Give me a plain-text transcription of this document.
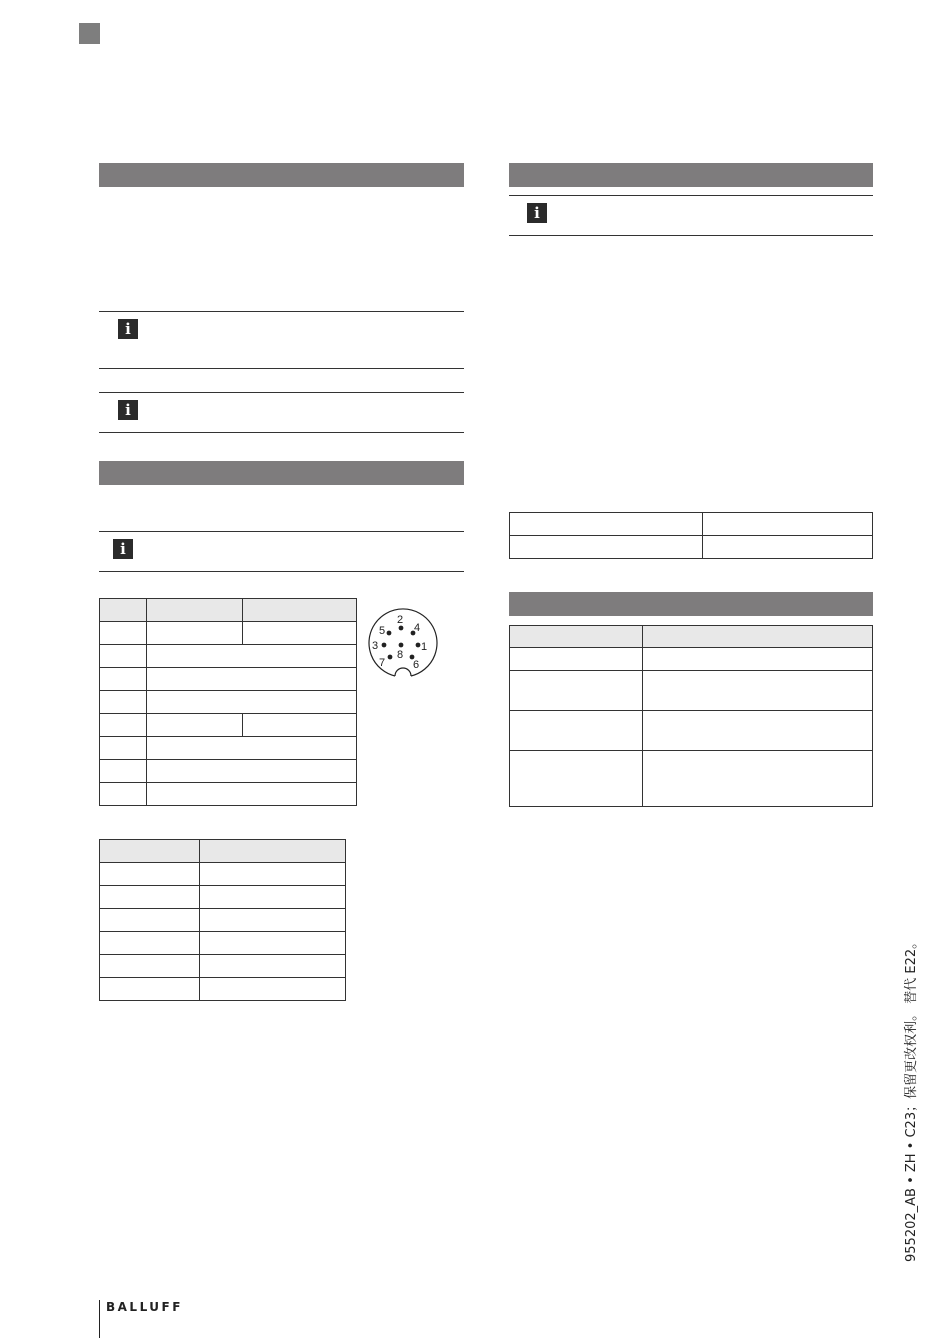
i
i
i

1
2
3
4
5
6
7
8

i

955202_AB • ZH • C23；保留更改权利。 替代 E22。
BALLUFF
